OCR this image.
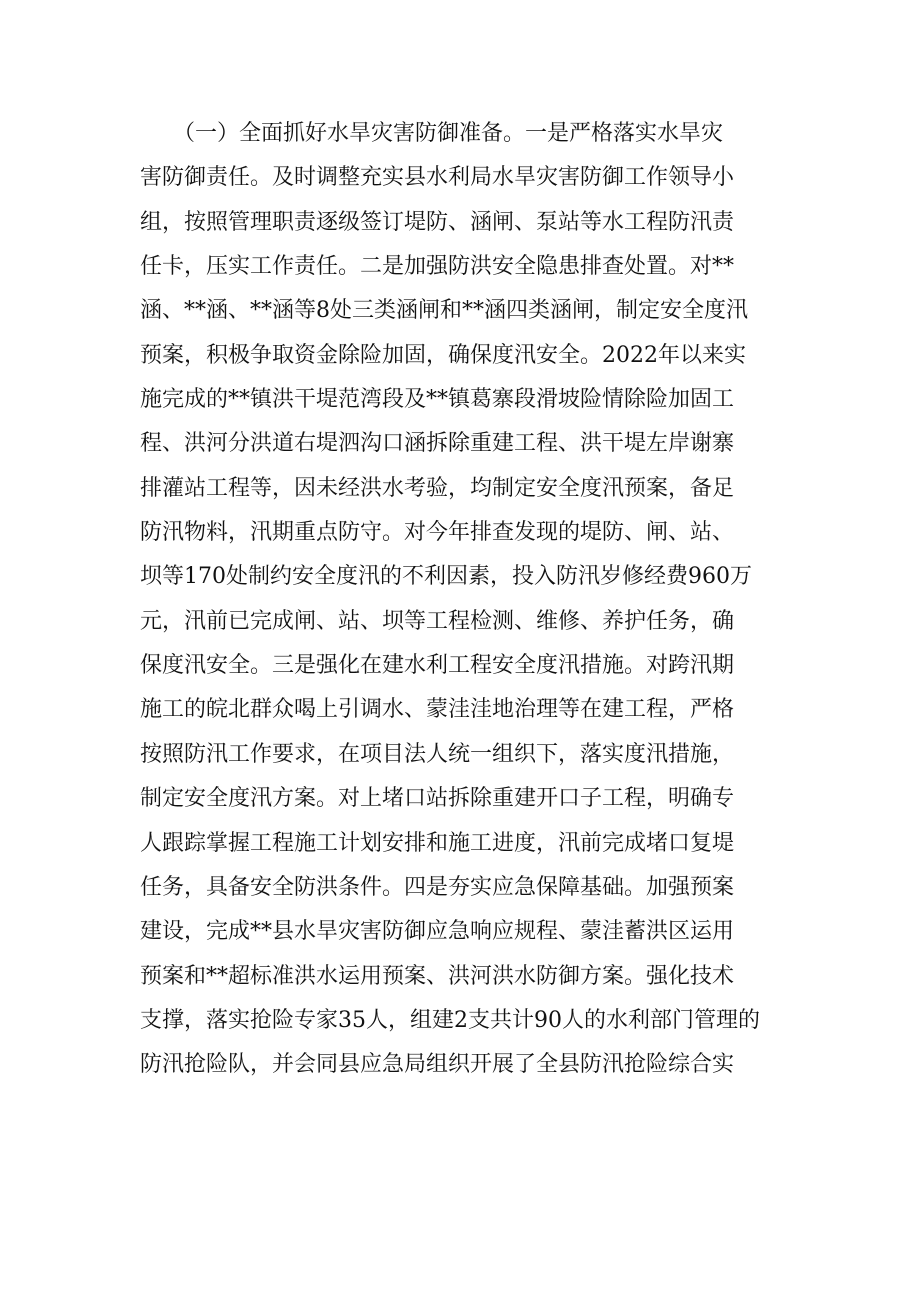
　　（一）全面抓好水旱灾害防御准备。一是严格落实水旱灾
害防御责任。及时调整充实县水利局水旱灾害防御工作领导小
组，按照管理职责逐级签订堤防、涵闸、泵站等水工程防汛责
任卡，压实工作责任。二是加强防洪安全隐患排查处置。对**
涵、**涵、**涵等8处三类涵闸和**涵四类涵闸，制定安全度汛
预案，积极争取资金除险加固，确保度汛安全。2022年以来实
施完成的**镇洪干堤范湾段及**镇葛寨段滑坡险情除险加固工
程、洪河分洪道右堤泗沟口涵拆除重建工程、洪干堤左岸谢寨
排灌站工程等，因未经洪水考验，均制定安全度汛预案，备足
防汛物料，汛期重点防守。对今年排查发现的堤防、闸、站、
坝等170处制约安全度汛的不利因素，投入防汛岁修经费960万
元，汛前已完成闸、站、坝等工程检测、维修、养护任务，确
保度汛安全。三是强化在建水利工程安全度汛措施。对跨汛期
施工的皖北群众喝上引调水、蒙洼洼地治理等在建工程，严格
按照防汛工作要求，在项目法人统一组织下，落实度汛措施，
制定安全度汛方案。对上堵口站拆除重建开口子工程，明确专
人跟踪掌握工程施工计划安排和施工进度，汛前完成堵口复堤
任务，具备安全防洪条件。四是夯实应急保障基础。加强预案
建设，完成**县水旱灾害防御应急响应规程、蒙洼蓄洪区运用
预案和**超标准洪水运用预案、洪河洪水防御方案。强化技术
支撑，落实抢险专家35人，组建2支共计90人的水利部门管理的
防汛抢险队，并会同县应急局组织开展了全县防汛抢险综合实
